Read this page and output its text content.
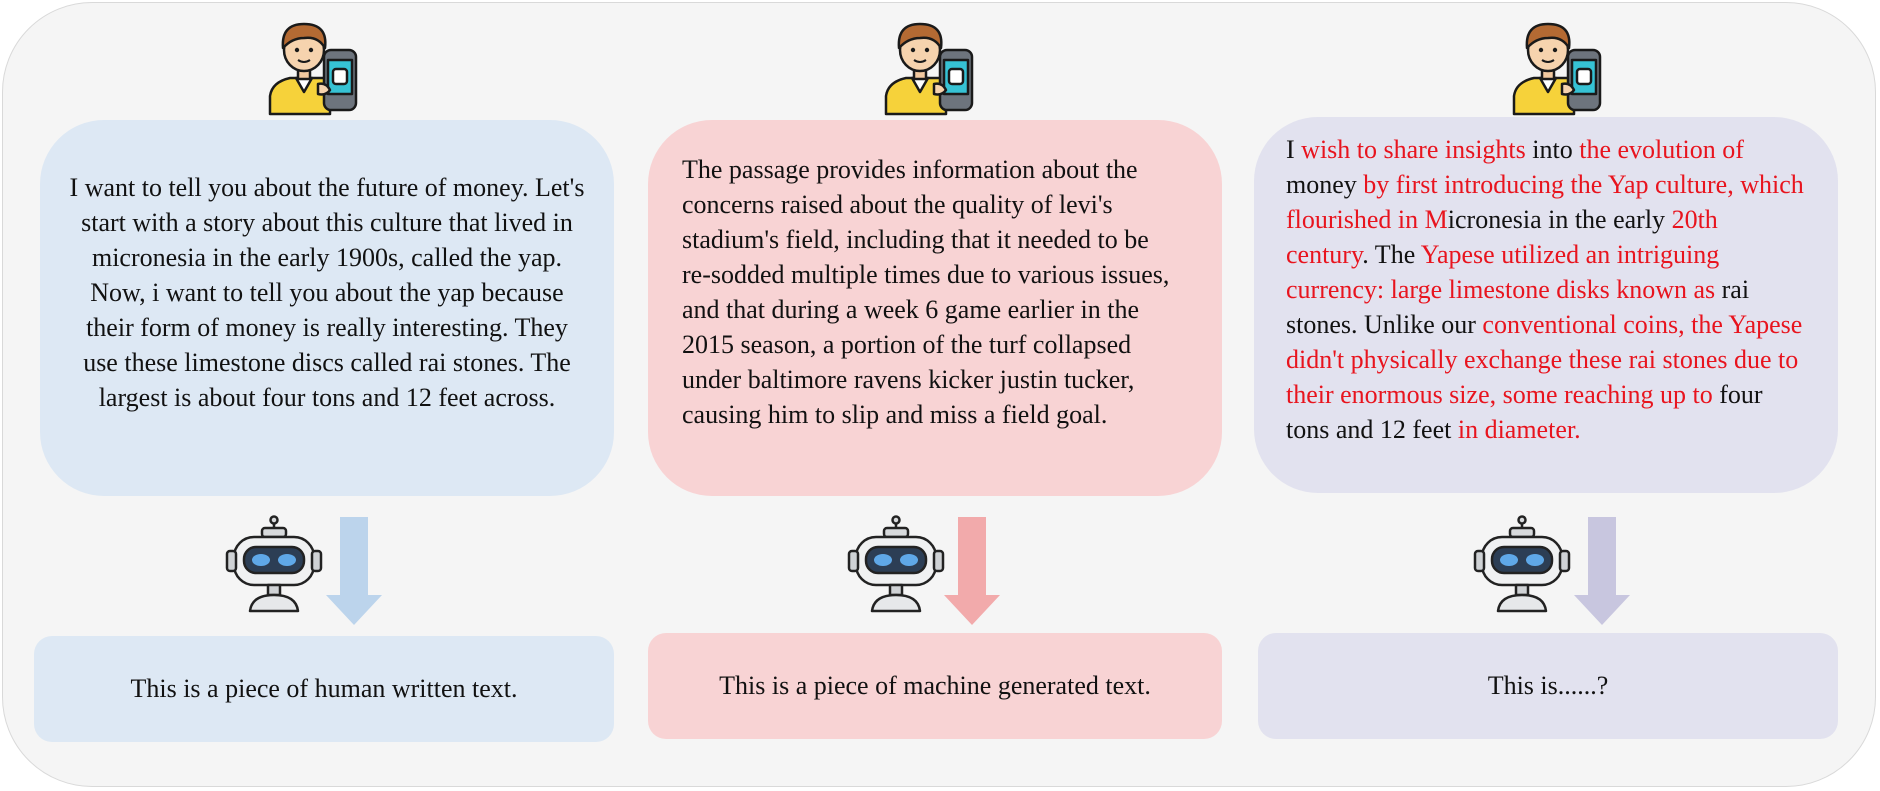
I want to tell you about the future of money. Let's start with a story about this culture that lived in micronesia in the early 1900s, called the yap. Now, i want to tell you about the yap because their form of money is really interesting. They use these limestone discs called rai stones. The largest is about four tons and 12 feet across.

The passage provides information about the concerns raised about the quality of levi's stadium's field, including that it needed to be re-sodded multiple times due to various issues, and that during a week 6 game earlier in the 2015 season, a portion of the turf collapsed under baltimore ravens kicker justin tucker, causing him to slip and miss a field goal.

I wish to share insights into the evolution of money by first introducing the Yap culture, which flourished in Micronesia in the early 20th century. The Yapese utilized an intriguing currency: large limestone disks known as rai stones. Unlike our conventional coins, the Yapese didn't physically exchange these rai stones due to their enormous size, some reaching up to four tons and 12 feet in diameter.

This is a piece of human written text.	This is a piece of machine generated text.	This is......?
